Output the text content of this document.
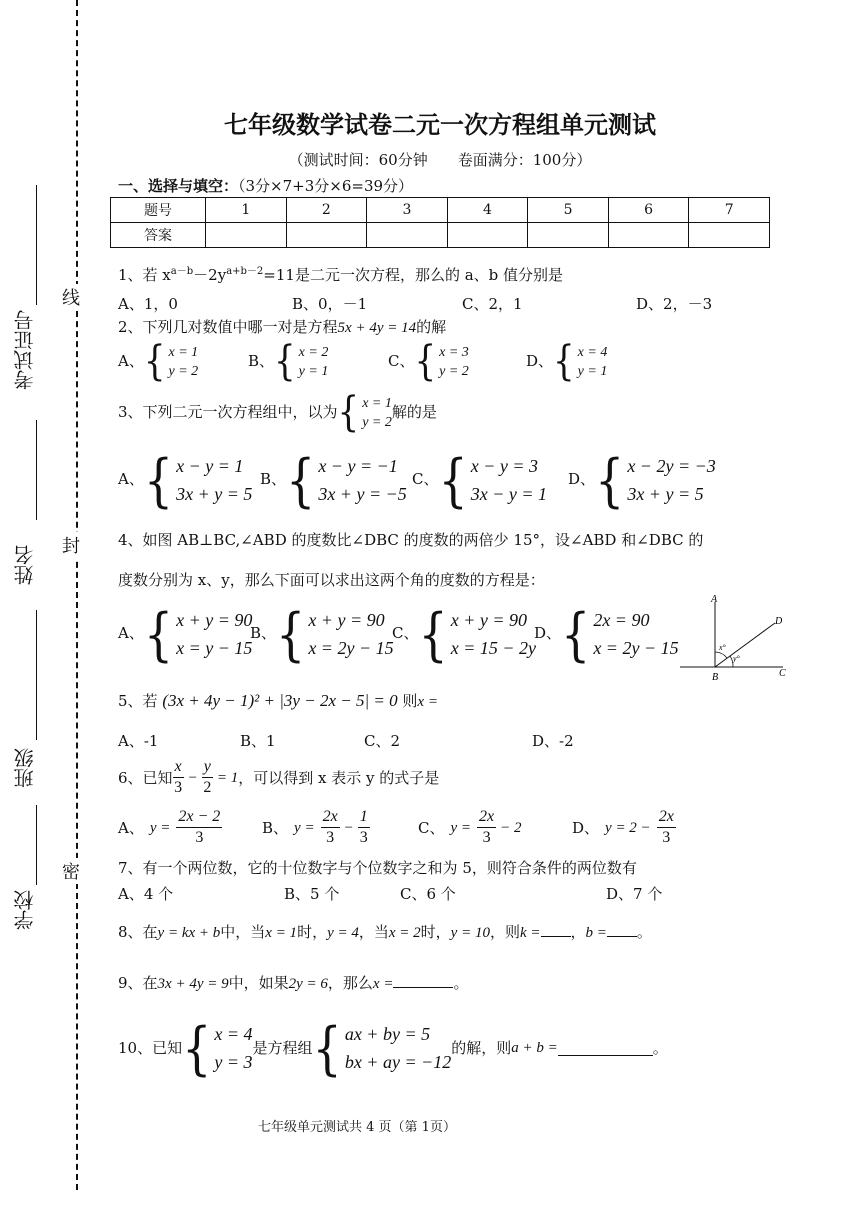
考试证号
姓名
班级
学校
线
封
密
七年级数学试卷二元一次方程组单元测试
（测试时间：60分钟　　卷面满分：100分）
一、选择与填空：（3分×7+3分×6=39分）
题号	1	2	3	4	5	6	7
答案							
1、若 $x^{a-b}-2y^{a+b-2}=11$是二元一次方程，那么的 a、b 值分别是
A、1，0	B、0，－1	C、2，1	D、2，－3
2、下列几对数值中哪一对是方程5x + 4y = 14的解
A、 { x = 1
y = 2
B、 { x = 2
y = 1
C、 { x = 3
y = 2
D、 { x = 4
y = 1
3、下列二元一次方程组中，以为 { x = 1
y = 2
解的是
A、 { x − y = 1
3x + y = 5
B、 { x − y = −1
3x + y = −5
C、 { x − y = 3
3x − y = 1
D、 { x − 2y = −3
3x + y = 5
4、如图 AB⊥BC,∠ABD 的度数比∠DBC 的度数的两倍少 15°，设∠ABD 和∠DBC 的
度数分别为 x、y，那么下面可以求出这两个角的度数的方程是：
A、 { x + y = 90
x = y − 15
B、 { x + y = 90
x = 2y − 15
C、 { x + y = 90
x = 15 − 2y
D、 { 2x = 90
x = 2y − 15
A
D
B	C
x°
y°
5、若 (3x + 4y − 1)² + |3y − 2x − 5| = 0 则x =
A、-1	B、1	C、2	D、-2
6、已知 $\frac{x}{3} - \frac{y}{2} = 1$ ，可以得到 x 表示 y 的式子是
A、 $y = \frac{2x - 2}{3}$	B、 $y = \frac{2x}{3} - \frac{1}{3}$	C、 $y = \frac{2x}{3} - 2$	D、 $y = 2 - \frac{2x}{3}$
7、有一个两位数，它的十位数字与个位数字之和为 5，则符合条件的两位数有
A、4 个	B、5 个	C、6 个	D、7 个
8、在y = kx + b中，当x = 1时，y = 4，当x = 2时，y = 10，则k = ，b = 。
9、在3x + 4y = 9中，如果2y = 6，那么x =	。
10、已知 { x = 4
y = 3
是方程组 { ax + by = 5
bx + ay = −12
的解，则 a + b =	。
七年级单元测试共 4 页（第 1页）
